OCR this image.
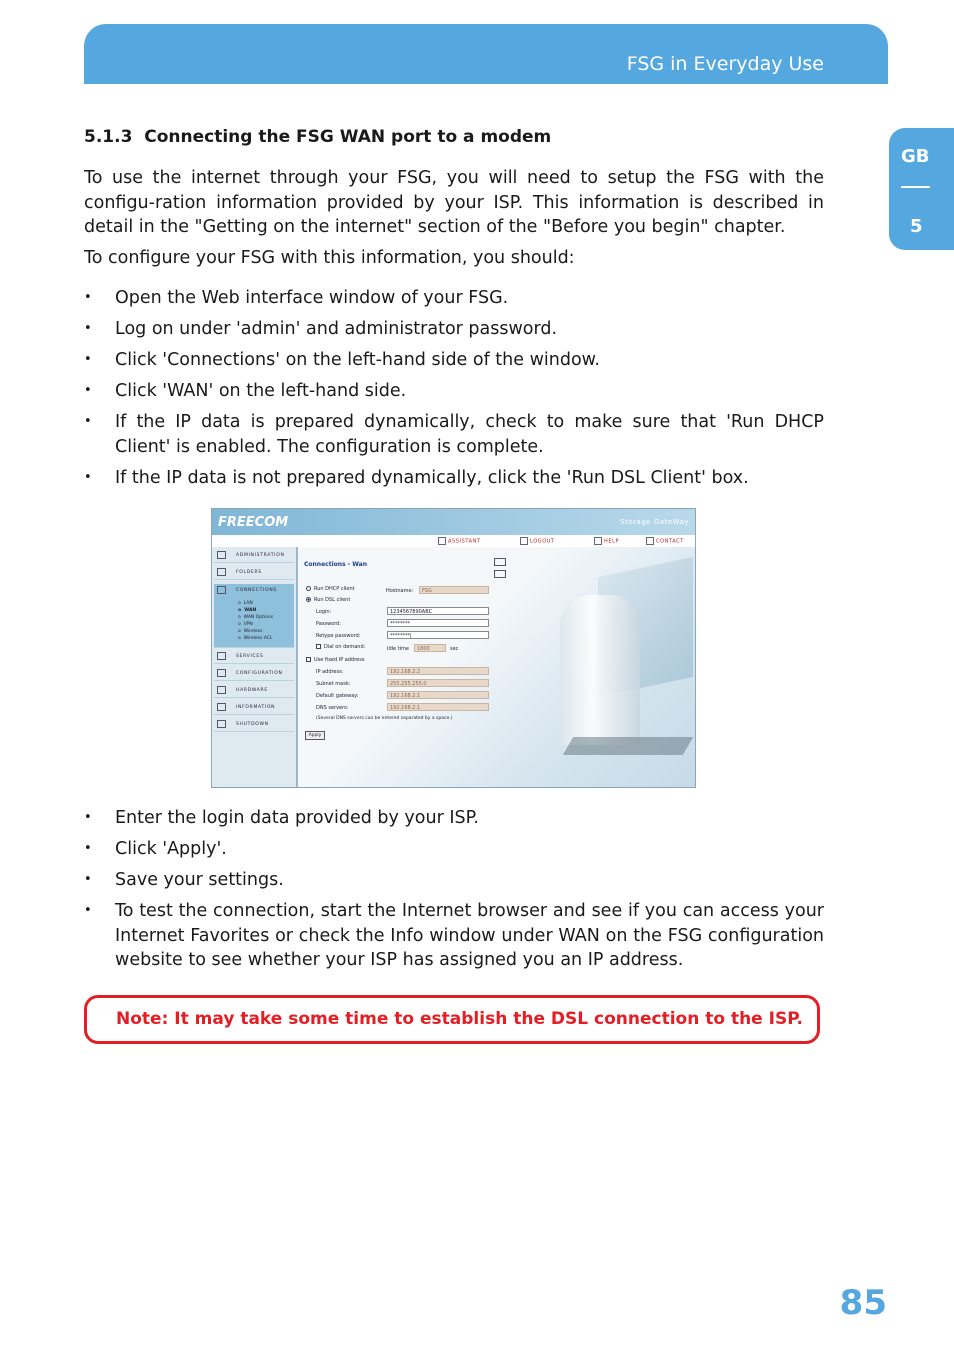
FSG in Everyday Use
GB
5
5.1.3 Connecting the FSG WAN port to a modem

To use the internet through your FSG, you will need to setup the FSG with the configu-ration information provided by your ISP. This information is described in detail in the "Getting on the internet" section of the "Before you begin" chapter.

To configure your FSG with this information, you should:

• Open the Web interface window of your FSG.
• Log on under 'admin' and administrator password.
• Click 'Connections' on the left-hand side of the window.
• Click 'WAN' on the left-hand side.
• If the IP data is prepared dynamically, check to make sure that 'Run DHCP Client' is enabled. The configuration is complete.
• If the IP data is not prepared dynamically, click the 'Run DSL Client' box.
FREECOM	Storage GateWay
ASSISTANT	LOGOUT	HELP	CONTACT
ADMINISTRATION
FOLDERS
CONNECTIONS
o  LAN
o  WAN
o  WAN Options
o  VPN
o  Wireless
o  Wireless ACL
SERVICES
CONFIGURATION
HARDWARE
INFORMATION
SHUTDOWN
Connections - Wan
Run DHCP client
Run DSL client
Hostname:	FSG
Login:	1234567890ABC
Password:	********
Retype password:	********|
Dial on demand:	Idle time	1800	sec
Use fixed IP address
IP address:	192.168.2.2
Subnet mask:	255.255.255.0
Default gateway:	192.168.2.1
DNS servers:	192.168.2.1
(Several DNS servers can be entered separated by a space.)
Apply
• Enter the login data provided by your ISP.
• Click 'Apply'.
• Save your settings.
• To test the connection, start the Internet browser and see if you can access your Internet Favorites or check the Info window under WAN on the FSG configuration website to see whether your ISP has assigned you an IP address.
Note: It may take some time to establish the DSL connection to the ISP.
85
